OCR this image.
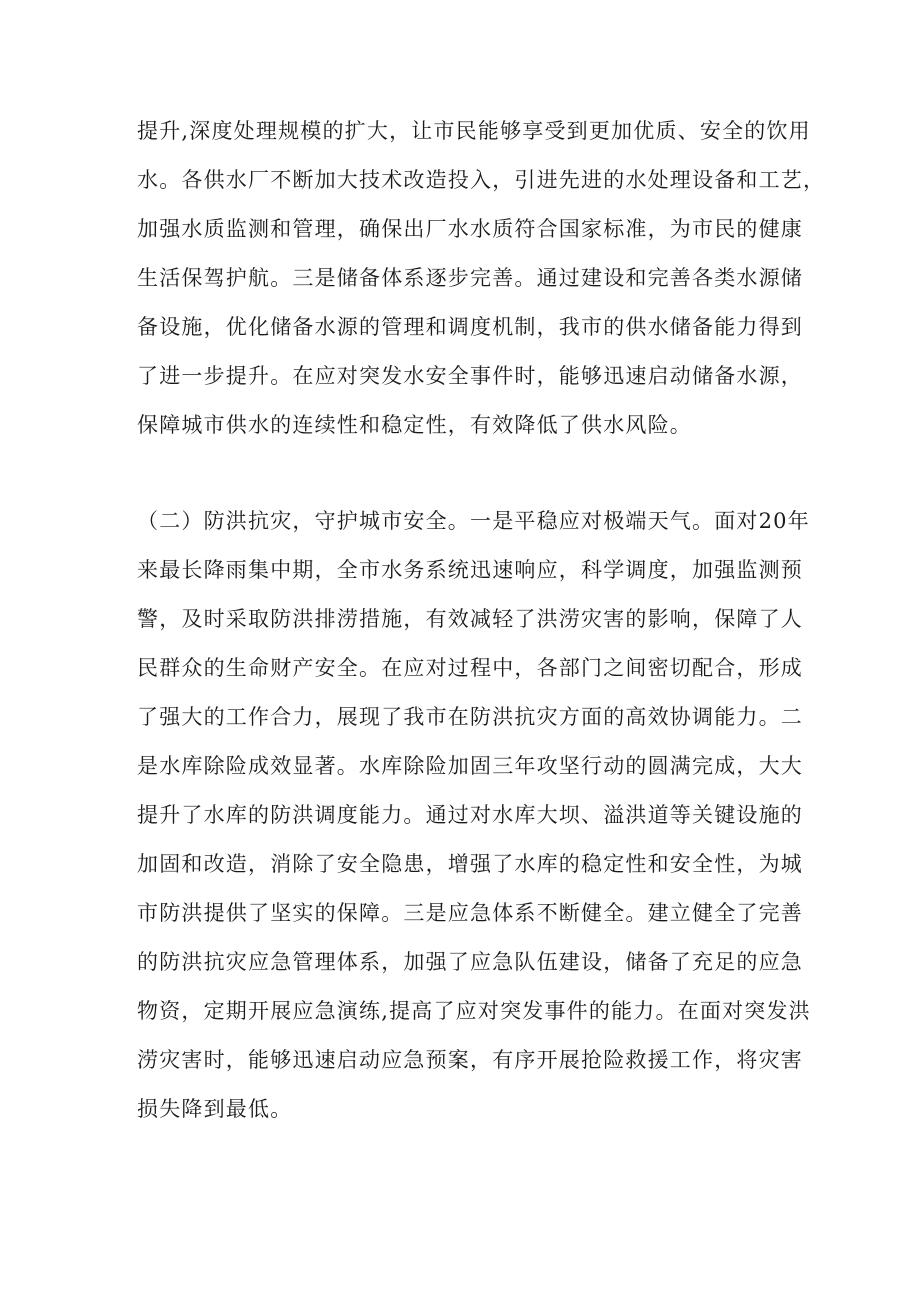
提升,深度处理规模的扩大，让市民能够享受到更加优质、安全的饮用
水。各供水厂不断加大技术改造投入，引进先进的水处理设备和工艺，
加强水质监测和管理，确保出厂水水质符合国家标准，为市民的健康
生活保驾护航。三是储备体系逐步完善。通过建设和完善各类水源储
备设施，优化储备水源的管理和调度机制，我市的供水储备能力得到
了进一步提升。在应对突发水安全事件时，能够迅速启动储备水源，
保障城市供水的连续性和稳定性，有效降低了供水风险。
（二）防洪抗灾，守护城市安全。一是平稳应对极端天气。面对20年
来最长降雨集中期，全市水务系统迅速响应，科学调度，加强监测预
警，及时采取防洪排涝措施，有效减轻了洪涝灾害的影响，保障了人
民群众的生命财产安全。在应对过程中，各部门之间密切配合，形成
了强大的工作合力，展现了我市在防洪抗灾方面的高效协调能力。二
是水库除险成效显著。水库除险加固三年攻坚行动的圆满完成，大大
提升了水库的防洪调度能力。通过对水库大坝、溢洪道等关键设施的
加固和改造，消除了安全隐患，增强了水库的稳定性和安全性，为城
市防洪提供了坚实的保障。三是应急体系不断健全。建立健全了完善
的防洪抗灾应急管理体系，加强了应急队伍建设，储备了充足的应急
物资，定期开展应急演练,提高了应对突发事件的能力。在面对突发洪
涝灾害时，能够迅速启动应急预案，有序开展抢险救援工作，将灾害
损失降到最低。
